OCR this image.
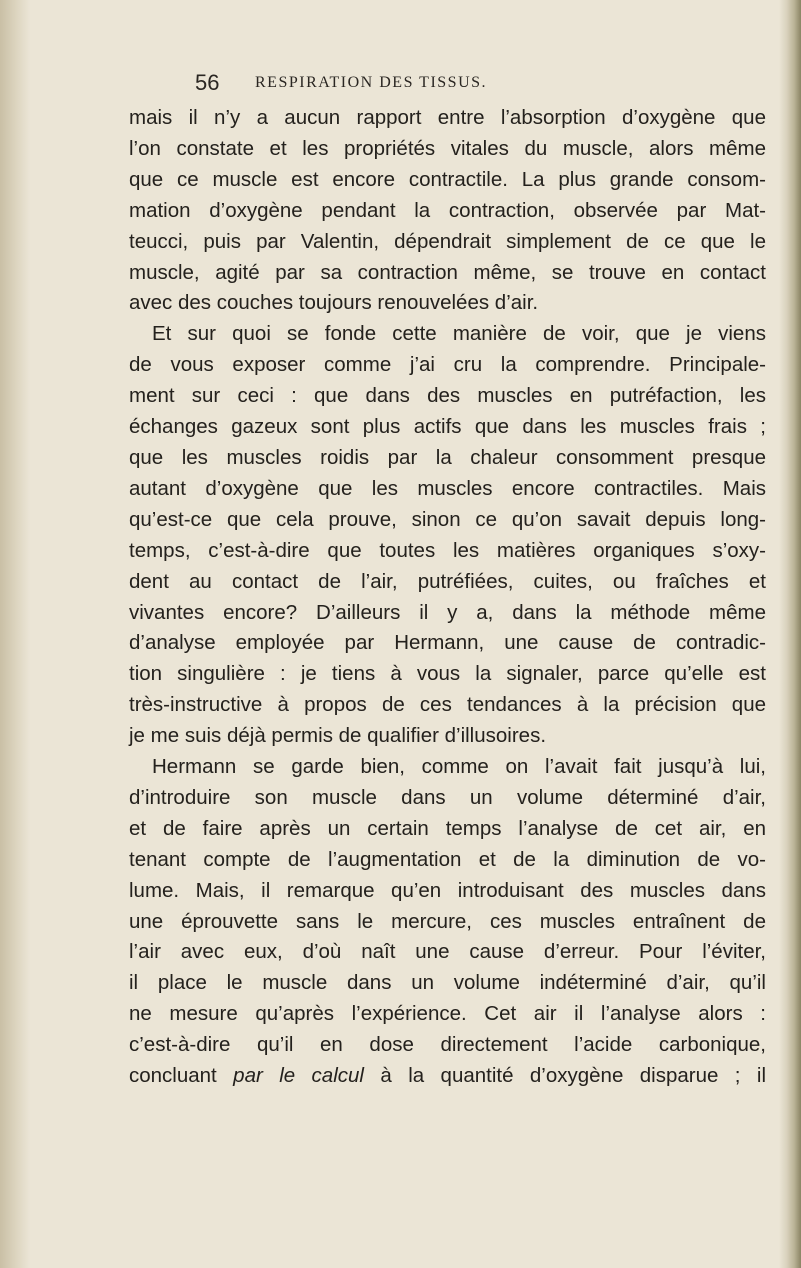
56 RESPIRATION DES TISSUS.
mais il n’y a aucun rapport entre l’absorption d’oxygène que
l’on constate et les propriétés vitales du muscle, alors même
que ce muscle est encore contractile. La plus grande consom-
mation d’oxygène pendant la contraction, observée par Mat-
teucci, puis par Valentin, dépendrait simplement de ce que le
muscle, agité par sa contraction même, se trouve en contact
avec des couches toujours renouvelées d’air.
Et sur quoi se fonde cette manière de voir, que je viens
de vous exposer comme j’ai cru la comprendre. Principale-
ment sur ceci : que dans des muscles en putréfaction, les
échanges gazeux sont plus actifs que dans les muscles frais ;
que les muscles roidis par la chaleur consomment presque
autant d’oxygène que les muscles encore contractiles. Mais
qu’est-ce que cela prouve, sinon ce qu’on savait depuis long-
temps, c’est-à-dire que toutes les matières organiques s’oxy-
dent au contact de l’air, putréfiées, cuites, ou fraîches et
vivantes encore? D’ailleurs il y a, dans la méthode même
d’analyse employée par Hermann, une cause de contradic-
tion singulière : je tiens à vous la signaler, parce qu’elle est
très-instructive à propos de ces tendances à la précision que
je me suis déjà permis de qualifier d’illusoires.
Hermann se garde bien, comme on l’avait fait jusqu’à lui,
d’introduire son muscle dans un volume déterminé d’air,
et de faire après un certain temps l’analyse de cet air, en
tenant compte de l’augmentation et de la diminution de vo-
lume. Mais, il remarque qu’en introduisant des muscles dans
une éprouvette sans le mercure, ces muscles entraînent de
l’air avec eux, d’où naît une cause d’erreur. Pour l’éviter,
il place le muscle dans un volume indéterminé d’air, qu’il
ne mesure qu’après l’expérience. Cet air il l’analyse alors :
c’est-à-dire qu’il en dose directement l’acide carbonique,
concluant par le calcul à la quantité d’oxygène disparue ; il
